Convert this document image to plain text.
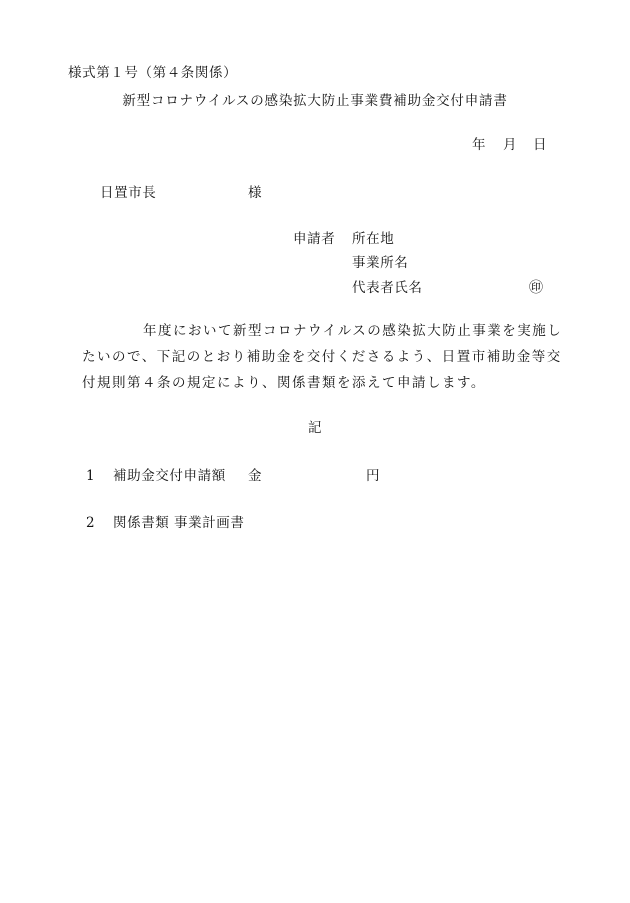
様式第１号（第４条関係）
新型コロナウイルスの感染拡大防止事業費補助金交付申請書
年 月 日
日置市長	様
申請者 所在地
事業所名
代表者氏名	㊞
年度において新型コロナウイルスの感染拡大防止事業を実施し
たいので、下記のとおり補助金を交付くださるよう、日置市補助金等交
付規則第４条の規定により、関係書類を添えて申請します。
記
1 補助金交付申請額 金	円
2 関係書類 事業計画書
